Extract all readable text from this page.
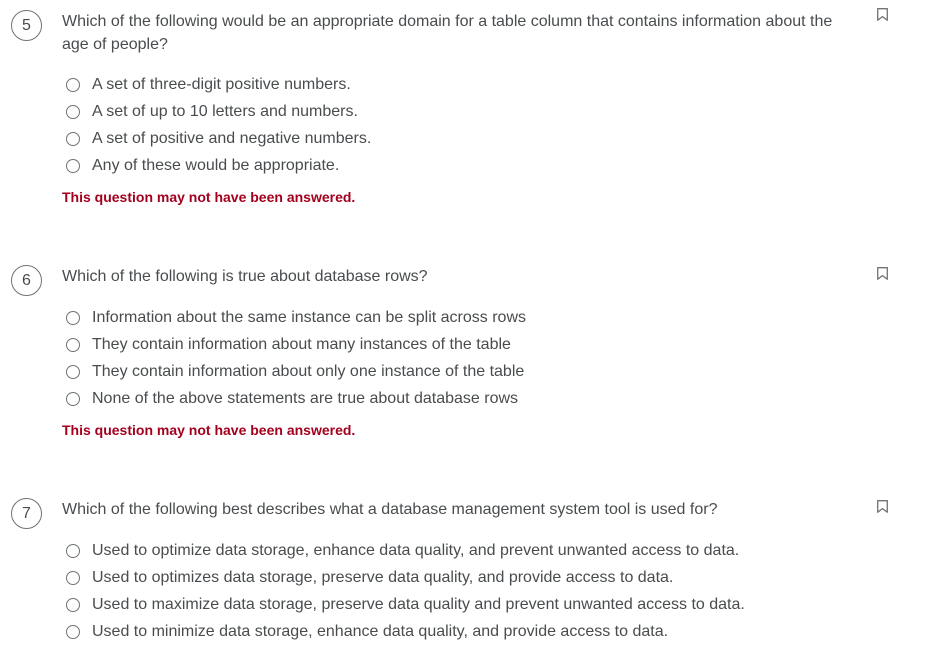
5	Which of the following would be an appropriate domain for a table column that contains information about the age of people?
A set of three-digit positive numbers.
A set of up to 10 letters and numbers.
A set of positive and negative numbers.
Any of these would be appropriate.
This question may not have been answered.
6	Which of the following is true about database rows?
Information about the same instance can be split across rows
They contain information about many instances of the table
They contain information about only one instance of the table
None of the above statements are true about database rows
This question may not have been answered.
7	Which of the following best describes what a database management system tool is used for?
Used to optimize data storage, enhance data quality, and prevent unwanted access to data.
Used to optimizes data storage, preserve data quality, and provide access to data.
Used to maximize data storage, preserve data quality and prevent unwanted access to data.
Used to minimize data storage, enhance data quality, and provide access to data.
